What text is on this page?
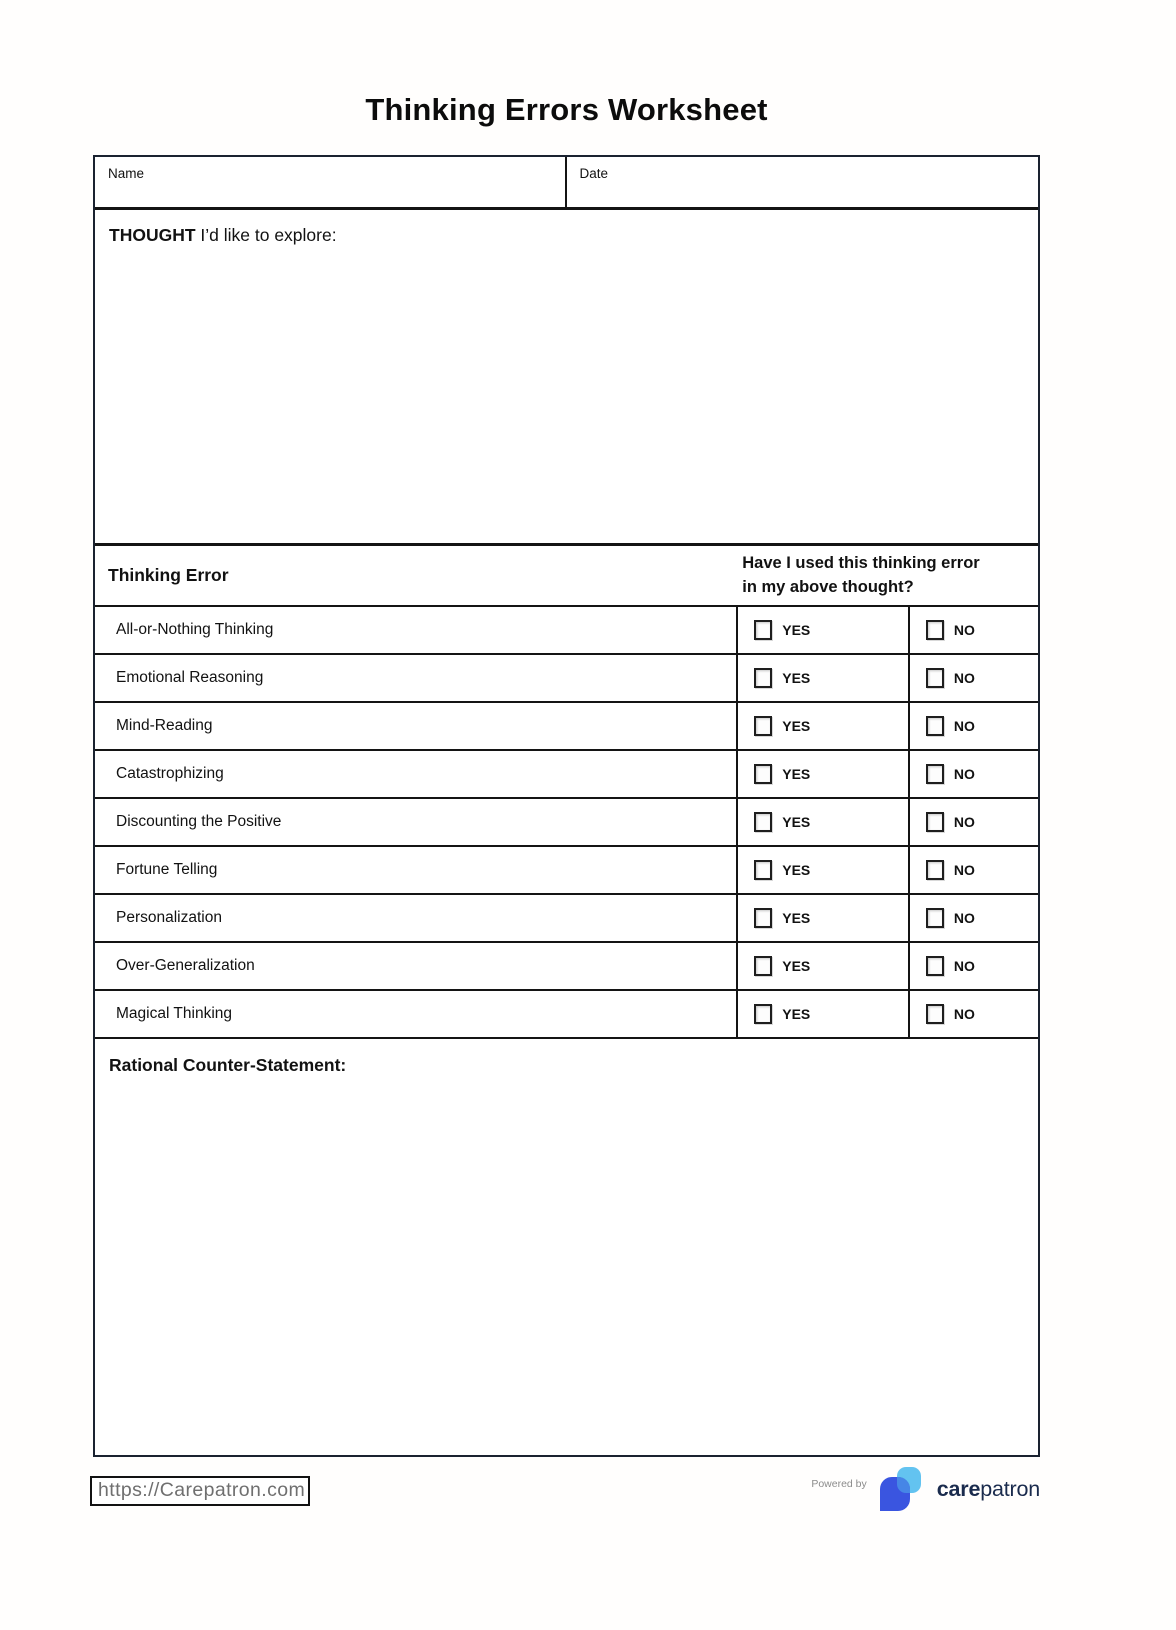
Thinking Errors Worksheet
Name	Date
THOUGHT I’d like to explore:
Thinking Error
Have I used this thinking error
in my above thought?
All-or-Nothing Thinking	YES	NO
Emotional Reasoning	YES	NO
Mind-Reading	YES	NO
Catastrophizing	YES	NO
Discounting the Positive	YES	NO
Fortune Telling	YES	NO
Personalization	YES	NO
Over-Generalization	YES	NO
Magical Thinking	YES	NO
Rational Counter-Statement:
https://Carepatron.com	Powered by	carepatron
